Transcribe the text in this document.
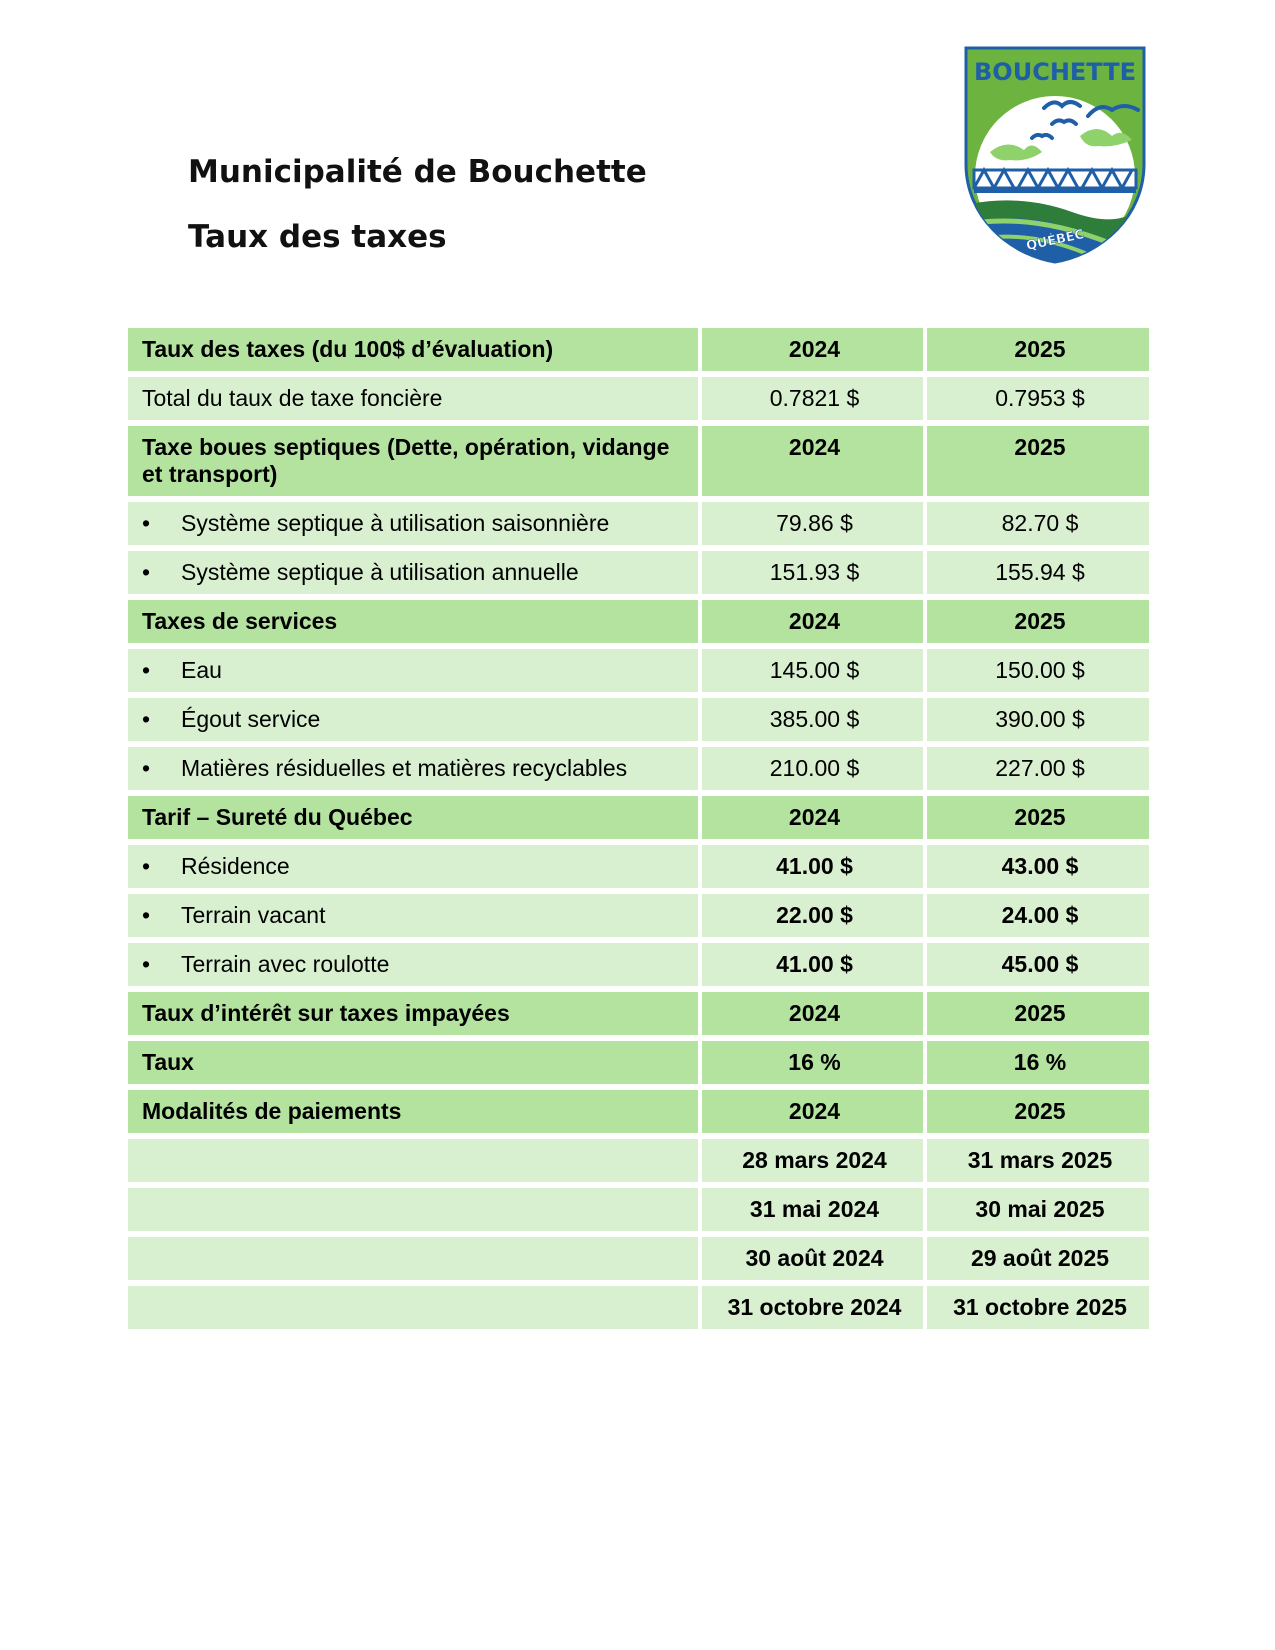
Municipalité de Bouchette
Taux des taxes
BOUCHETTE
QUÉBEC
Taux des taxes (du 100$ d’évaluation)	2024	2025
Total du taux de taxe foncière	0.7821 $	0.7953 $
Taxe boues septiques (Dette, opération, vidange et transport)	2024	2025

• Système septique à utilisation saisonnière	79.86 $	82.70 $

• Système septique à utilisation annuelle	151.93 $	155.94 $
Taxes de services	2024	2025

• Eau	145.00 $	150.00 $

• Égout service	385.00 $	390.00 $

• Matières résiduelles et matières recyclables	210.00 $	227.00 $
Tarif – Sureté du Québec	2024	2025

• Résidence	41.00 $	43.00 $

• Terrain vacant	22.00 $	24.00 $

• Terrain avec roulotte	41.00 $	45.00 $
Taux d’intérêt sur taxes impayées	2024	2025
Taux	16 %	16 %
Modalités de paiements	2024	2025
	28 mars 2024	31 mars 2025
	31 mai 2024	30 mai 2025
	30 août 2024	29 août 2025
	31 octobre 2024	31 octobre 2025
